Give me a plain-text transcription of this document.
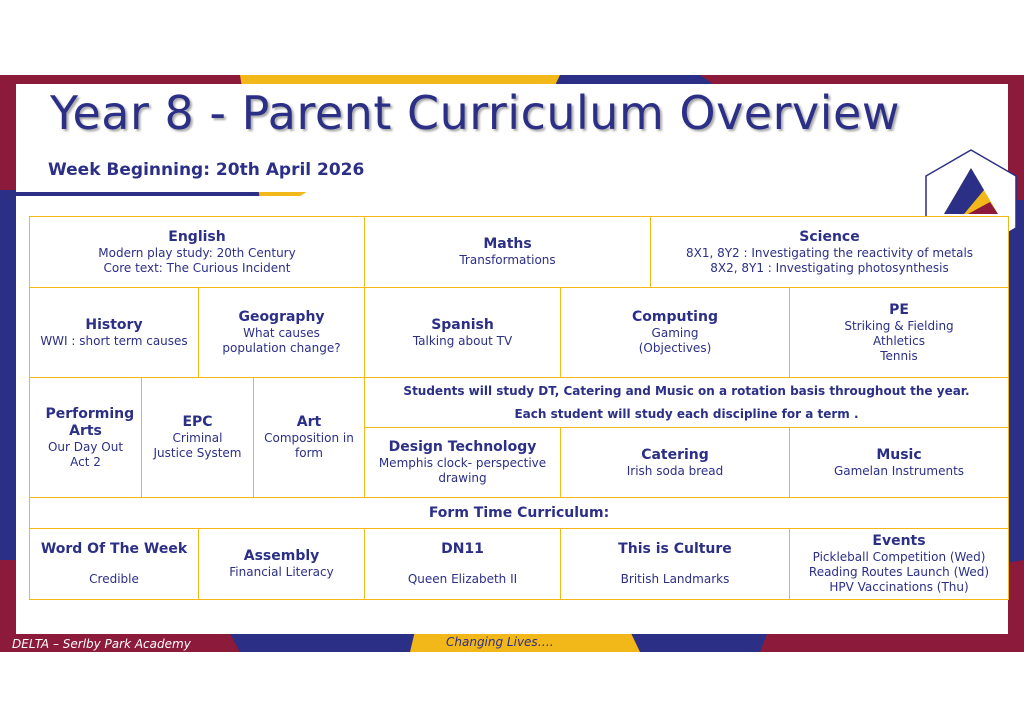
Year 8 - Parent Curriculum Overview
Week Beginning: 20th April 2026
English
Modern play study: 20th Century
Core text: The Curious Incident
Maths
Transformations
Science
8X1, 8Y2 : Investigating the reactivity of metals
8X2, 8Y1 : Investigating photosynthesis
History
WWI : short term causes
Geography
What causes
population change?
Spanish
Talking about TV
Computing
Gaming
(Objectives)
PE
Striking & Fielding
Athletics
Tennis
Performing Arts
Our Day Out
Act 2
EPC
Criminal
Justice System
Art
Composition in
form
Students will study DT, Catering and Music on a rotation basis throughout the year.
Each student will study each discipline for a term .
Design Technology
Memphis clock- perspective
drawing
Catering
Irish soda bread
Music
Gamelan Instruments
Form Time Curriculum:
Word Of The Week
Credible
Assembly
Financial Literacy
DN11
Queen Elizabeth II
This is Culture
British Landmarks
Events
Pickleball Competition (Wed)
Reading Routes Launch (Wed)
HPV Vaccinations (Thu)
DELTA – Serlby Park Academy	Changing Lives….
